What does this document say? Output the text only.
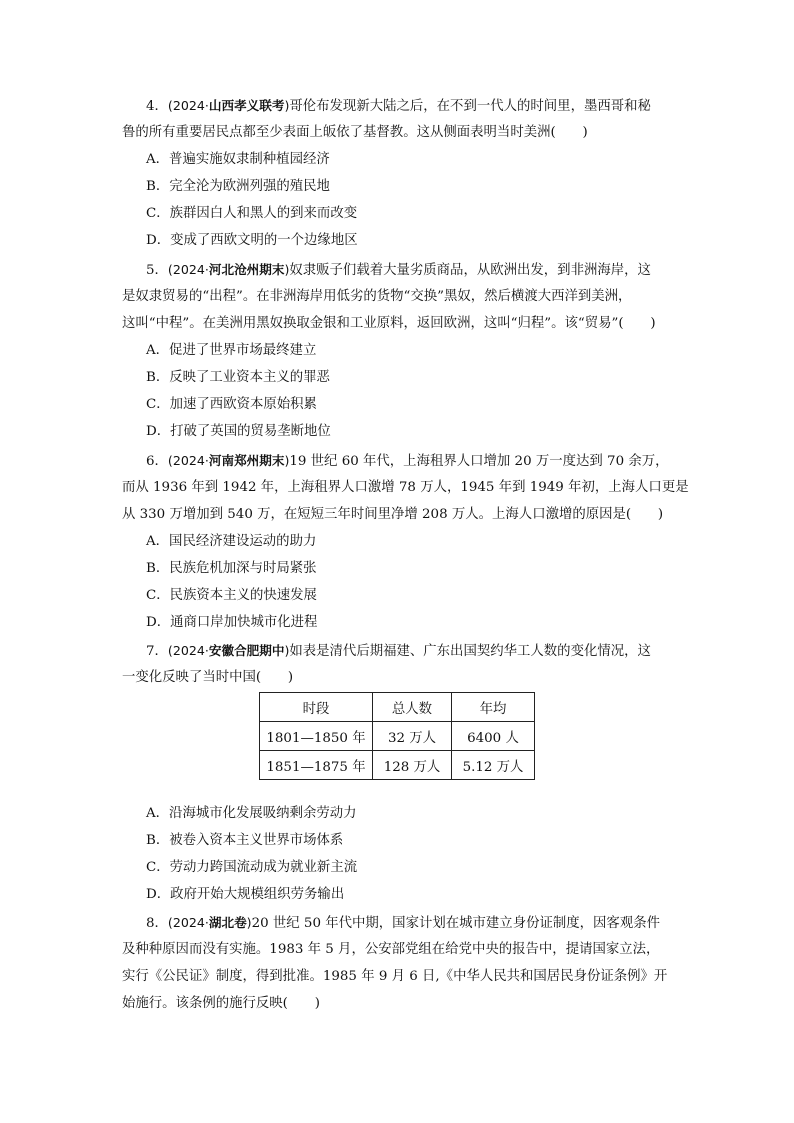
4．(2024·山西孝义联考)哥伦布发现新大陆之后，在不到一代人的时间里，墨西哥和秘
鲁的所有重要居民点都至少表面上皈依了基督教。这从侧面表明当时美洲(　　)
A．普遍实施奴隶制种植园经济
B．完全沦为欧洲列强的殖民地
C．族群因白人和黑人的到来而改变
D．变成了西欧文明的一个边缘地区
5．(2024·河北沧州期末)奴隶贩子们载着大量劣质商品，从欧洲出发，到非洲海岸，这
是奴隶贸易的“出程”。在非洲海岸用低劣的货物“交换”黑奴，然后横渡大西洋到美洲，
这叫“中程”。在美洲用黑奴换取金银和工业原料，返回欧洲，这叫“归程”。该“贸易”(　　)
A．促进了世界市场最终建立
B．反映了工业资本主义的罪恶
C．加速了西欧资本原始积累
D．打破了英国的贸易垄断地位
6．(2024·河南郑州期末)19 世纪 60 年代，上海租界人口增加 20 万一度达到 70 余万，
而从 1936 年到 1942 年，上海租界人口激增 78 万人，1945 年到 1949 年初，上海人口更是
从 330 万增加到 540 万，在短短三年时间里净增 208 万人。上海人口激增的原因是(　　)
A．国民经济建设运动的助力
B．民族危机加深与时局紧张
C．民族资本主义的快速发展
D．通商口岸加快城市化进程
7．(2024·安徽合肥期中)如表是清代后期福建、广东出国契约华工人数的变化情况，这
一变化反映了当时中国(　　)
时段	总人数	年均
1801—1850 年	32 万人	6400 人
1851—1875 年	128 万人	5.12 万人
A．沿海城市化发展吸纳剩余劳动力
B．被卷入资本主义世界市场体系
C．劳动力跨国流动成为就业新主流
D．政府开始大规模组织劳务输出
8．(2024·湖北卷)20 世纪 50 年代中期，国家计划在城市建立身份证制度，因客观条件
及种种原因而没有实施。1983 年 5 月，公安部党组在给党中央的报告中，提请国家立法，
实行《公民证》制度，得到批准。1985 年 9 月 6 日,《中华人民共和国居民身份证条例》开
始施行。该条例的施行反映(　　)
